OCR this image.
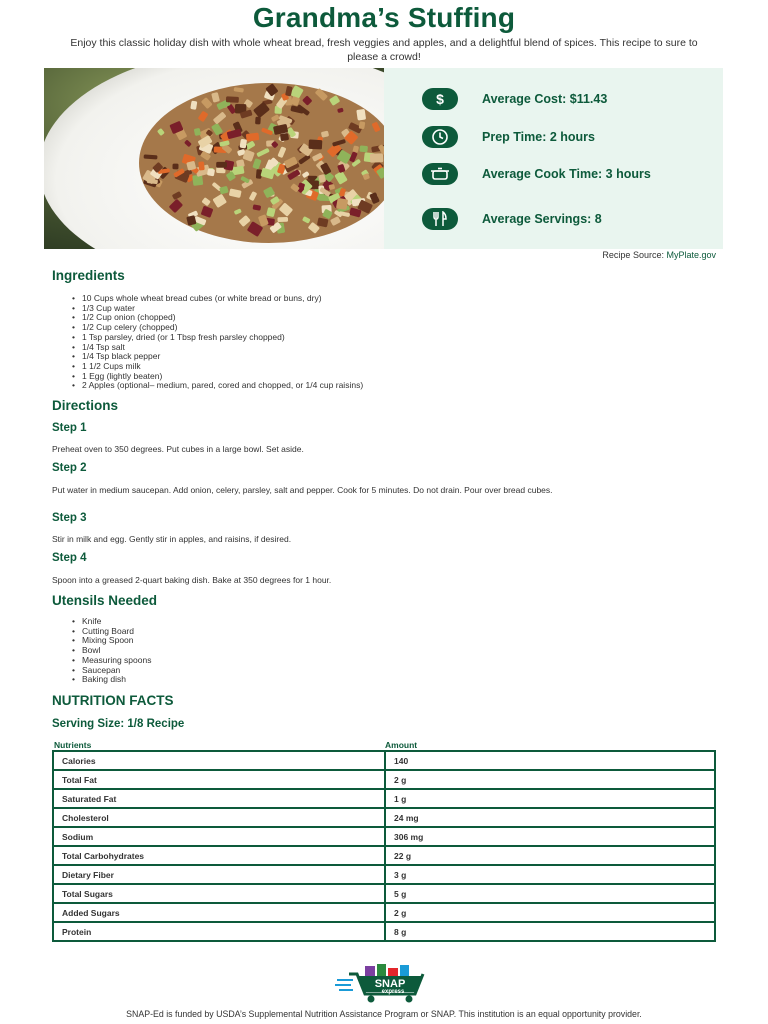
Grandma’s Stuffing

Enjoy this classic holiday dish with whole wheat bread, fresh veggies and apples, and a delightful blend of spices. This recipe to sure to please a crowd!

$	Average Cost: $11.43
Prep Time: 2 hours
Average Cook Time: 3 hours
Average Servings: 8
Recipe Source: MyPlate.gov
Ingredients
• 10 Cups whole wheat bread cubes (or white bread or buns, dry)
• 1/3 Cup water
• 1/2 Cup onion (chopped)
• 1/2 Cup celery (chopped)
• 1 Tsp parsley, dried (or 1 Tbsp fresh parsley chopped)
• 1/4 Tsp salt
• 1/4 Tsp black pepper
• 1 1/2 Cups milk
• 1 Egg (lightly beaten)
• 2 Apples (optional– medium, pared, cored and chopped, or 1/4 cup raisins)
Directions
Step 1

Preheat oven to 350 degrees. Put cubes in a large bowl. Set aside.

Step 2

Put water in medium saucepan. Add onion, celery, parsley, salt and pepper. Cook for 5 minutes. Do not drain. Pour over bread cubes.

Step 3

Stir in milk and egg. Gently stir in apples, and raisins, if desired.

Step 4

Spoon into a greased 2-quart baking dish. Bake at 350 degrees for 1 hour.

Utensils Needed
• Knife
• Cutting Board
• Mixing Spoon
• Bowl
• Measuring spoons
• Saucepan
• Baking dish
NUTRITION FACTS
Serving Size: 1/8 Recipe
Nutrients	Amount
Calories	140
Total Fat	2 g
Saturated Fat	1 g
Cholesterol	24 mg
Sodium	306 mg
Total Carbohydrates	22 g
Dietary Fiber	3 g
Total Sugars	5 g
Added Sugars	2 g
Protein	8 g
SNAP
express
SNAP-Ed is funded by USDA’s Supplemental Nutrition Assistance Program or SNAP. This institution is an equal opportunity provider.
